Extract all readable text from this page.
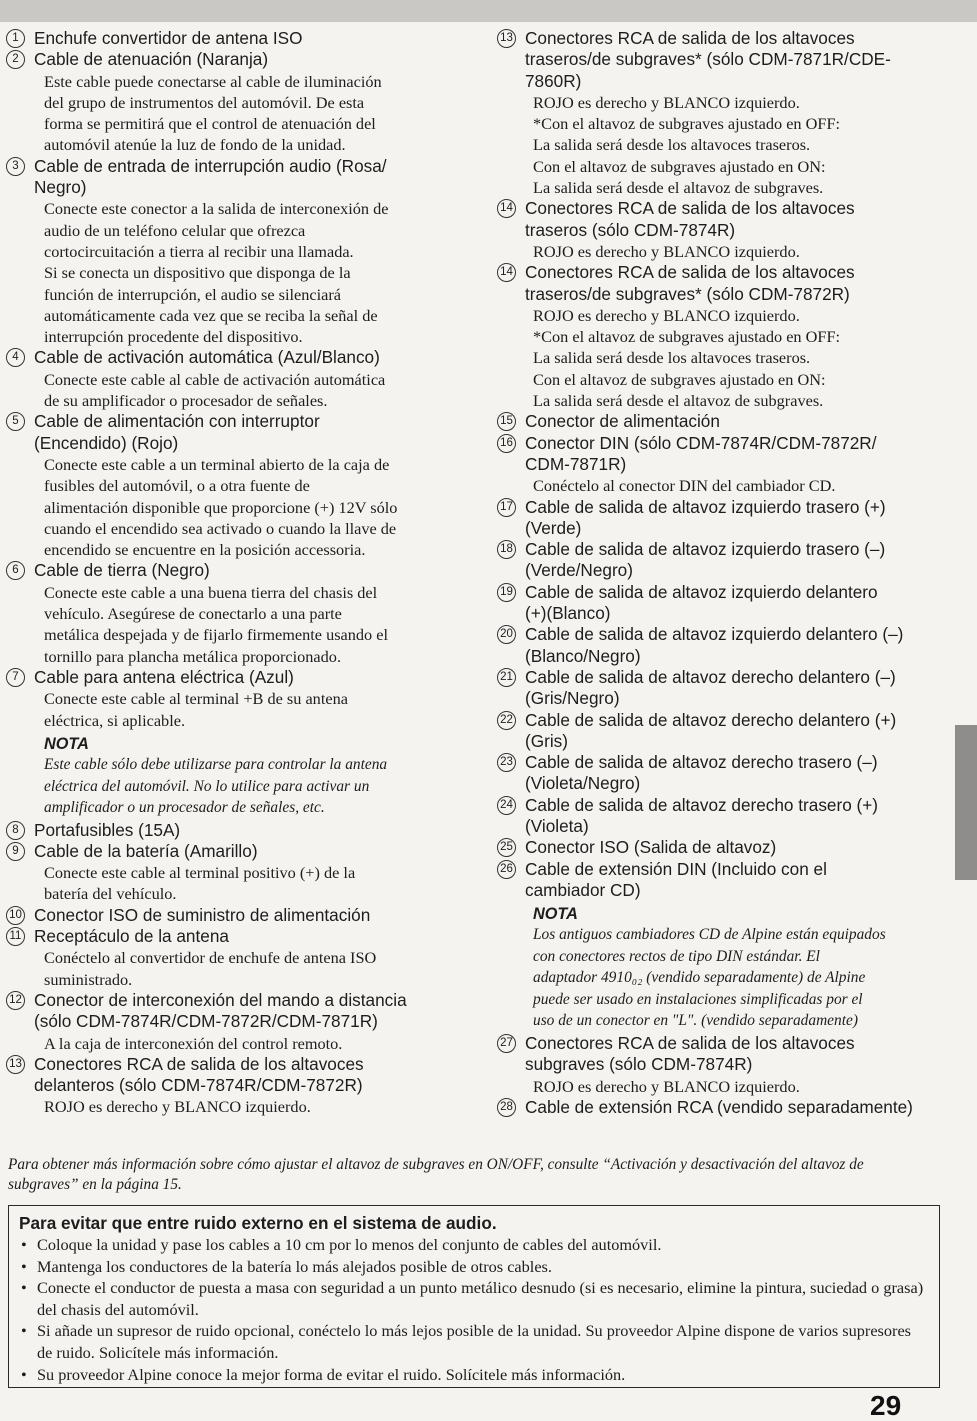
1 Enchufe convertidor de antena ISO
2 Cable de atenuación (Naranja)
Este cable puede conectarse al cable de iluminación
del grupo de instrumentos del automóvil. De esta
forma se permitirá que el control de atenuación del
automóvil atenúe la luz de fondo de la unidad.
3 Cable de entrada de interrupción audio (Rosa/
Negro)
Conecte este conector a la salida de interconexión de
audio de un teléfono celular que ofrezca
cortocircuitación a tierra al recibir una llamada.
Si se conecta un dispositivo que disponga de la
función de interrupción, el audio se silenciará
automáticamente cada vez que se reciba la señal de
interrupción procedente del dispositivo.
4 Cable de activación automática (Azul/Blanco)
Conecte este cable al cable de activación automática
de su amplificador o procesador de señales.
5 Cable de alimentación con interruptor
(Encendido) (Rojo)
Conecte este cable a un terminal abierto de la caja de
fusibles del automóvil, o a otra fuente de
alimentación disponible que proporcione (+) 12V sólo
cuando el encendido sea activado o cuando la llave de
encendido se encuentre en la posición accessoria.
6 Cable de tierra (Negro)
Conecte este cable a una buena tierra del chasis del
vehículo. Asegúrese de conectarlo a una parte
metálica despejada y de fijarlo firmemente usando el
tornillo para plancha metálica proporcionado.
7 Cable para antena eléctrica (Azul)
Conecte este cable al terminal +B de su antena
eléctrica, si aplicable.
NOTA
Este cable sólo debe utilizarse para controlar la antena
eléctrica del automóvil. No lo utilice para activar un
amplificador o un procesador de señales, etc.
8 Portafusibles (15A)
9 Cable de la batería (Amarillo)
Conecte este cable al terminal positivo (+) de la
batería del vehículo.
10 Conector ISO de suministro de alimentación
11 Receptáculo de la antena
Conéctelo al convertidor de enchufe de antena ISO
suministrado.
12 Conector de interconexión del mando a distancia
(sólo CDM-7874R/CDM-7872R/CDM-7871R)
A la caja de interconexión del control remoto.
13 Conectores RCA de salida de los altavoces
delanteros (sólo CDM-7874R/CDM-7872R)
ROJO es derecho y BLANCO izquierdo.
13 Conectores RCA de salida de los altavoces
traseros/de subgraves* (sólo CDM-7871R/CDE-
7860R)
ROJO es derecho y BLANCO izquierdo.
*Con el altavoz de subgraves ajustado en OFF:
La salida será desde los altavoces traseros.
Con el altavoz de subgraves ajustado en ON:
La salida será desde el altavoz de subgraves.
14 Conectores RCA de salida de los altavoces
traseros (sólo CDM-7874R)
ROJO es derecho y BLANCO izquierdo.
14 Conectores RCA de salida de los altavoces
traseros/de subgraves* (sólo CDM-7872R)
ROJO es derecho y BLANCO izquierdo.
*Con el altavoz de subgraves ajustado en OFF:
La salida será desde los altavoces traseros.
Con el altavoz de subgraves ajustado en ON:
La salida será desde el altavoz de subgraves.
15 Conector de alimentación
16 Conector DIN (sólo CDM-7874R/CDM-7872R/
CDM-7871R)
Conéctelo al conector DIN del cambiador CD.
17 Cable de salida de altavoz izquierdo trasero (+)
(Verde)
18 Cable de salida de altavoz izquierdo trasero (–)
(Verde/Negro)
19 Cable de salida de altavoz izquierdo delantero
(+)(Blanco)
20 Cable de salida de altavoz izquierdo delantero (–)
(Blanco/Negro)
21 Cable de salida de altavoz derecho delantero (–)
(Gris/Negro)
22 Cable de salida de altavoz derecho delantero (+)
(Gris)
23 Cable de salida de altavoz derecho trasero (–)
(Violeta/Negro)
24 Cable de salida de altavoz derecho trasero (+)
(Violeta)
25 Conector ISO (Salida de altavoz)
26 Cable de extensión DIN (Incluido con el
cambiador CD)
NOTA
Los antiguos cambiadores CD de Alpine están equipados
con conectores rectos de tipo DIN estándar. El
adaptador 4910₀₂ (vendido separadamente) de Alpine
puede ser usado en instalaciones simplificadas por el
uso de un conector en "L". (vendido separadamente)
27 Conectores RCA de salida de los altavoces
subgraves (sólo CDM-7874R)
ROJO es derecho y BLANCO izquierdo.
28 Cable de extensión RCA (vendido separadamente)
Para obtener más información sobre cómo ajustar el altavoz de subgraves en ON/OFF, consulte “Activación y desactivación del altavoz de subgraves” en la página 15.
Para evitar que entre ruido externo en el sistema de audio.
• Coloque la unidad y pase los cables a 10 cm por lo menos del conjunto de cables del automóvil.
• Mantenga los conductores de la batería lo más alejados posible de otros cables.
• Conecte el conductor de puesta a masa con seguridad a un punto metálico desnudo (si es necesario, elimine la pintura, suciedad o grasa) del chasis del automóvil.
• Si añade un supresor de ruido opcional, conéctelo lo más lejos posible de la unidad. Su proveedor Alpine dispone de varios supresores de ruido. Solicítele más información.
• Su proveedor Alpine conoce la mejor forma de evitar el ruido. Solícitele más información.
29
